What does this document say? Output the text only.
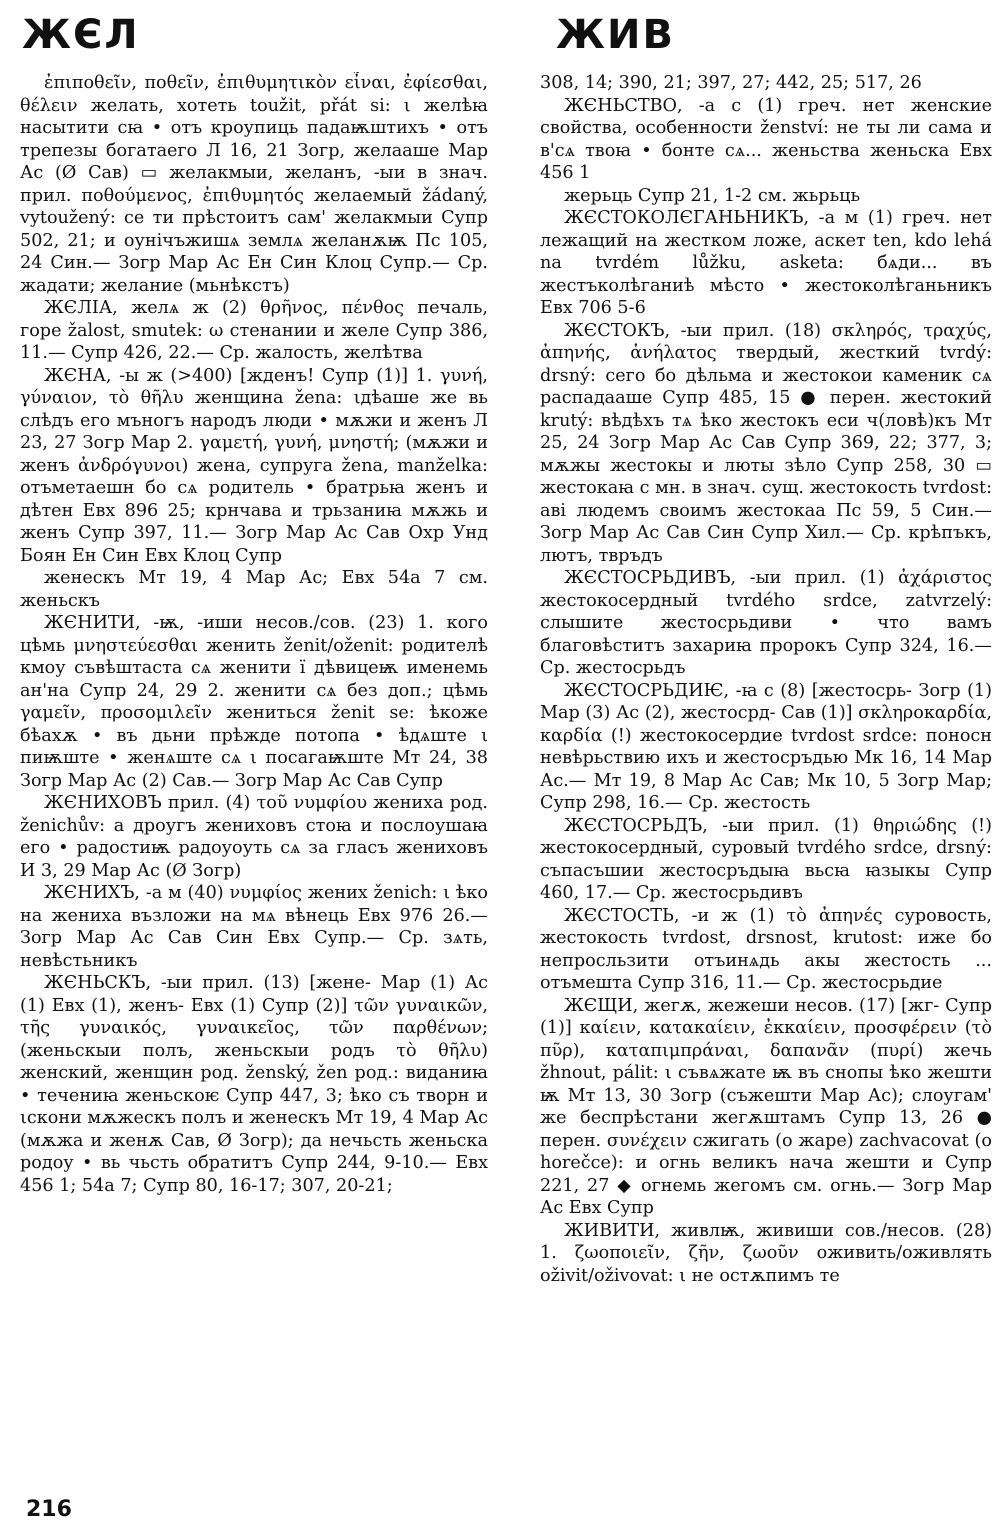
ЖЄЛ	ЖИВ

ἐπιποθεῖν, ποθεῖν, ἐπιθυμητικὸν εἶναι, ἐφίεσθαι, θέλειν желать, хотеть toužit, přát si: ι желѣꙗ насытити сꙗ • отъ кроупиць падаѭштихъ • отъ трепезы богатаего Л 16, 21 Зогр, желааше Мар Ас (Ø Сав) ▭ желакмыи, желанъ, -ыи в знач. прил. ποθούμενος, ἐπιθυμητός желаемый žádaný, vytoužený: се ти прѣстоитъ сам' желакмыи Супр 502, 21; и оунічъжишѧ землѧ желанѫѭ Пс 105, 24 Син.— Зогр Мар Ас Ен Син Клоц Супр.— Ср. жадати; желание (мьнѣкстъ)

ЖЄЛІА, желѧ ж (2) θρῆνος, πένθος печаль, горе žalost, smutek: ω стенании и желе Супр 386, 11.— Супр 426, 22.— Ср. жалость, желѣтва

ЖЄНА, -ы ж (>400) [жденъ! Супр (1)] 1. γυνή, γύναιον, τὸ θῆλυ женщина žena: ιдѣаше же вь слѣдъ его мъногъ народъ люди • мѫжи и женъ Л 23, 27 Зогр Мар 2. γαμετή, γυνή, μνηστή; (мѫжи и женъ ἀνδρόγυνοι) жена, супруга žena, manželka: отъметаешн бо сѧ родитель • братрьꙗ женъ и дѣтен Евх 896 25; крнчава и трьзаниꙗ мѫжь и женъ Супр 397, 11.— Зогр Мар Ас Сав Охр Унд Боян Ен Син Евх Клоц Супр

женескъ Мт 19, 4 Мар Ас; Евх 54а 7 см. женьскъ

ЖЄНИТИ, -ѭ, -иши несов./сов. (23) 1. кого цѣмь μνηστεύεσθαι женить ženit/oženit: родителѣ кмоу съвѣштаста сѧ женити ї дѣвицеѭ именемь ан'на Супр 24, 29 2. женити сѧ без доп.; цѣмь γαμεῖν, προσομιλεῖν жениться ženit se: ѣкоже бѣахѫ • въ дьни прѣжде потопа • ѣдѧште ι пиѭште • женѧште сѧ ι посагаѭште Мт 24, 38 Зогр Мар Ас (2) Сав.— Зогр Мар Ас Сав Супр

ЖЄНИХОВЪ прил. (4) τοῦ νυμφίου жениха род. ženichův: а дроугъ жениховъ стоꙗ и послоушаꙗ его • радостиѭ радоуоуть сѧ за гласъ жениховъ И 3, 29 Мар Ас (Ø Зогр)

ЖЄНИХЪ, -а м (40) νυμφίος жених ženich: ι ѣко на жениха възложи на мѧ вѣнець Евх 976 26.— Зогр Мар Ас Сав Син Евх Супр.— Ср. зѧть, невѣстьникъ

ЖЄНЬСКЪ, -ыи прил. (13) [жене- Мар (1) Ас (1) Евх (1), женъ- Евх (1) Супр (2)] τῶν γυναικῶν, τῆς γυναικός, γυναικεῖος, τῶν παρθένων; (женьскыи полъ, женьскыи родъ τὸ θῆλυ) женский, женщин род. ženský, žen род.: виданиꙗ • течениꙗ женьскоѥ Супр 447, 3; ѣко съ творн и ιскони мѫжескъ полъ и женескъ Мт 19, 4 Мар Ас (мѫжа и женѫ Сав, Ø Зогр); да нечьсть женьска родоу • вь чьсть обратитъ Супр 244, 9-10.— Евх 456 1; 54а 7; Супр 80, 16-17; 307, 20-21;

308, 14; 390, 21; 397, 27; 442, 25; 517, 26

ЖЄНЬСТВО, -а с (1) греч. нет женские свойства, особенности ženství: не ты ли сама и в'сѧ твоꙗ • бонте сѧ... женьства женьска Евх 456 1

жерьць Супр 21, 1-2 см. жьрьць

ЖЄСТОКОЛЄГАНЬНИКЪ, -а м (1) греч. нет лежащий на жестком ложе, аскет ten, kdo lehá na tvrdém lůžku, asketa: бѧди... въ жестъколѣганиѣ мѣсто • жестоколѣганьникъ Евх 706 5-6

ЖЄСТОКЪ, -ыи прил. (18) σκληρός, τραχύς, ἀπηνής, ἀνήλατος твердый, жесткий tvrdý: drsný: сего бо дѣльма и жестокои каменик сѧ распадааше Супр 485, 15 ● перен. жестокий krutý: вѣдѣхъ тѧ ѣко жестокъ еси ч(ловѣ)къ Мт 25, 24 Зогр Мар Ас Сав Супр 369, 22; 377, 3; мѫжы жестокы и люты зѣло Супр 258, 30 ▭ жестокаꙗ с мн. в знач. сущ. жестокость tvrdost: аві людемъ своимъ жестокаа Пс 59, 5 Син.— Зогр Мар Ас Сав Син Супр Хил.— Ср. крѣпъкъ, лютъ, твръдъ

ЖЄСТОСРЬДИВЪ, -ыи прил. (1) ἀχάριστος жестокосердный tvrdého srdce, zatvrzelý: слышите жестосрьдиви • что вамъ благовѣститъ захариꙗ пророкъ Супр 324, 16.— Ср. жестосрьдъ

ЖЄСТОСРЬДИѤ, -ꙗ с (8) [жестосрь- Зогр (1) Мар (3) Ас (2), жестосрд- Сав (1)] σκληροκαρδία, καρδία (!) жестокосердие tvrdost srdce: поносн невѣрьствию ихъ и жестосръдью Мк 16, 14 Мар Ас.— Мт 19, 8 Мар Ас Сав; Мк 10, 5 Зогр Мар; Супр 298, 16.— Ср. жестость

ЖЄСТОСРЬДЪ, -ыи прил. (1) θηριώδης (!) жестокосердный, суровый tvrdého srdce, drsný: съпасъшии жестосръдыꙗ вьсꙗ ꙗзыкы Супр 460, 17.— Ср. жестосрьдивъ

ЖЄСТОСТЬ, -и ж (1) τὸ ἀπηνές суровость, жестокость tvrdost, drsnost, krutost: иже бо непросльзити отъинѧдь акы жестость ... отъмешта Супр 316, 11.— Ср. жестосрьдие

ЖЄЩИ, жегѫ, жежеши несов. (17) [жг- Супр (1)] καίειν, κατακαίειν, ἐκκαίειν, προσφέρειν (τὸ πῦρ), καταπιμπράναι, δαπανᾶν (πυρί) жечь žhnout, pálit: ι съвѧжате ѭ въ снопы ѣко жешти ѭ Мт 13, 30 Зогр (съжешти Мар Ас); слоугам' же беспрѣстани жегѫштамъ Супр 13, 26 ● перен. συνέχειν сжигать (о жаре) zachvacovat (o horečce): и огнь великъ нача жешти и Супр 221, 27 ◆ огнемь жегомъ см. огнь.— Зогр Мар Ас Евх Супр

ЖИВИТИ, живлѭ, живиши сов./несов. (28) 1. ζωοποιεῖν, ζῆν, ζωοῦν оживить/оживлять oživit/oživovat: ι не остѫпимъ те

216
